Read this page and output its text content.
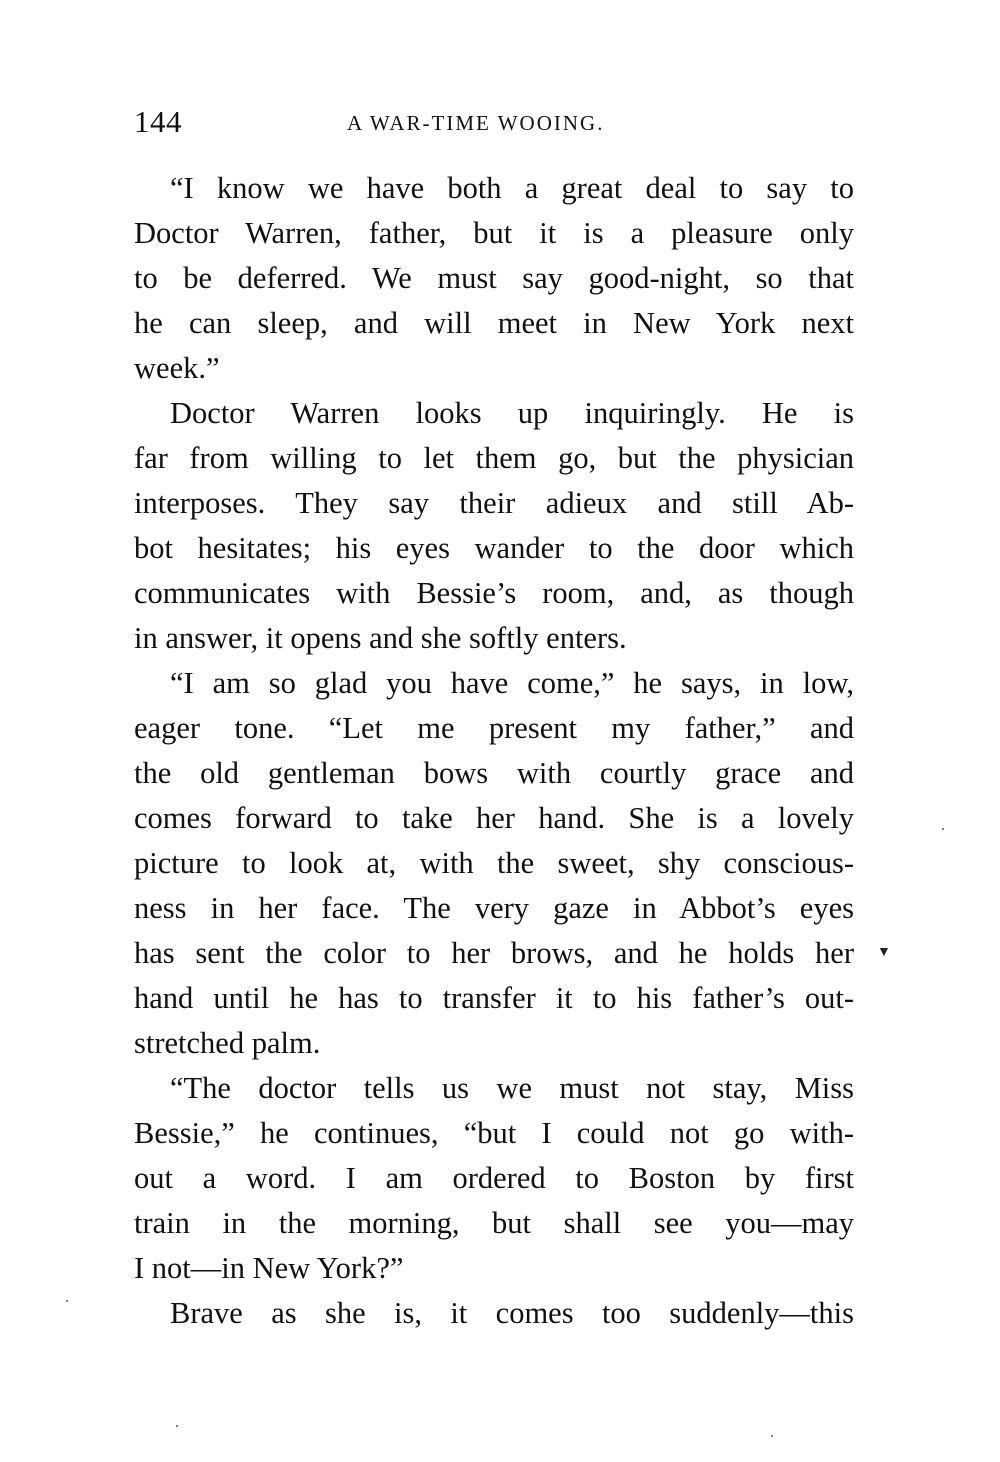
144	A WAR-TIME WOOING.
“I know we have both a great deal to say to
Doctor Warren, father, but it is a pleasure only
to be deferred. We must say good-night, so that
he can sleep, and will meet in New York next
week.”
Doctor Warren looks up inquiringly. He is
far from willing to let them go, but the physician
interposes. They say their adieux and still Ab-
bot hesitates; his eyes wander to the door which
communicates with Bessie’s room, and, as though
in answer, it opens and she softly enters.
“I am so glad you have come,” he says, in low,
eager tone. “Let me present my father,” and
the old gentleman bows with courtly grace and
comes forward to take her hand. She is a lovely
picture to look at, with the sweet, shy conscious-
ness in her face. The very gaze in Abbot’s eyes
has sent the color to her brows, and he holds her
hand until he has to transfer it to his father’s out-
stretched palm.
“The doctor tells us we must not stay, Miss
Bessie,” he continues, “but I could not go with-
out a word. I am ordered to Boston by first
train in the morning, but shall see you—may
I not—in New York?”
Brave as she is, it comes too suddenly—this
▼
